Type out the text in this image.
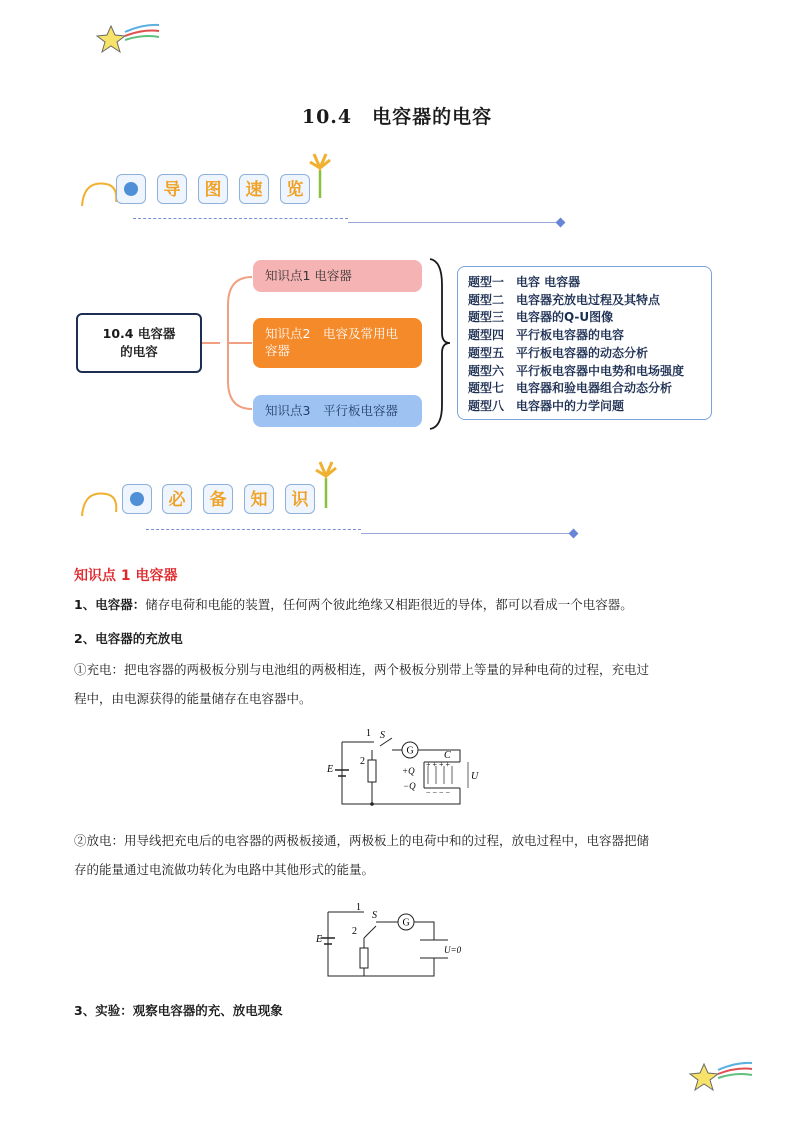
10.4　电容器的电容
导	图	速	览
10.4 电容器
的电容
知识点1 电容器
知识点2　电容及常用电容器
知识点3　平行板电容器
题型一　电容 电容器
题型二　电容器充放电过程及其特点
题型三　电容器的Q-U图像
题型四　平行板电容器的电容
题型五　平行板电容器的动态分析
题型六　平行板电容器中电势和电场强度
题型七　电容器和验电器组合动态分析
题型八　电容器中的力学问题
必	备	知	识
知识点 1 电容器
1、电容器：储存电荷和电能的装置，任何两个彼此绝缘又相距很近的导体，都可以看成一个电容器。
2、电容器的充放电
①充电：把电容器的两极板分别与电池组的两极相连，两个极板分别带上等量的异种电荷的过程，充电过
程中，由电源获得的能量储存在电容器中。
1 S
G	C
E
2
+Q
−Q
+ + + +
− − − −
U
②放电：用导线把充电后的电容器的两极板接通，两极板上的电荷中和的过程，放电过程中，电容器把储
存的能量通过电流做功转化为电路中其他形式的能量。
1
S
G
E
2
U=0
3、实验：观察电容器的充、放电现象
